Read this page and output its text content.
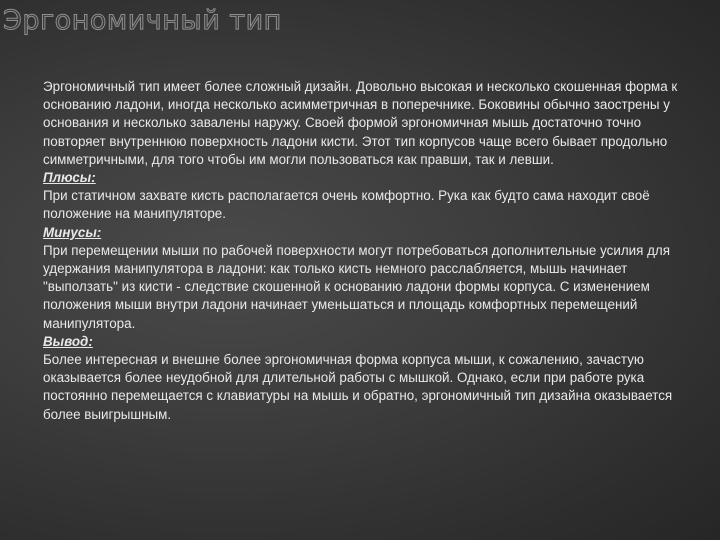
Эргономичный тип

Эргономичный тип имеет более сложный дизайн. Довольно высокая и несколько скошенная форма к основанию ладони, иногда несколько асимметричная в поперечнике. Боковины обычно заострены у основания и несколько завалены наружу. Своей формой эргономичная мышь достаточно точно повторяет внутреннюю поверхность ладони кисти. Этот тип корпусов чаще всего бывает продольно симметричными, для того чтобы им могли пользоваться как правши, так и левши.

Плюсы:

При статичном захвате кисть располагается очень комфортно. Рука как будто сама находит своё положение на манипуляторе.

Минусы:

При перемещении мыши по рабочей поверхности могут потребоваться дополнительные усилия для удержания манипулятора в ладони: как только кисть немного расслабляется, мышь начинает "выползать" из кисти - следствие скошенной к основанию ладони формы корпуса. С изменением положения мыши внутри ладони начинает уменьшаться и площадь комфортных перемещений манипулятора.

Вывод:

Более интересная и внешне более эргономичная форма корпуса мыши, к сожалению, зачастую оказывается более неудобной для длительной работы с мышкой. Однако, если при работе рука постоянно перемещается с клавиатуры на мышь и обратно, эргономичный тип дизайна оказывается более выигрышным.
